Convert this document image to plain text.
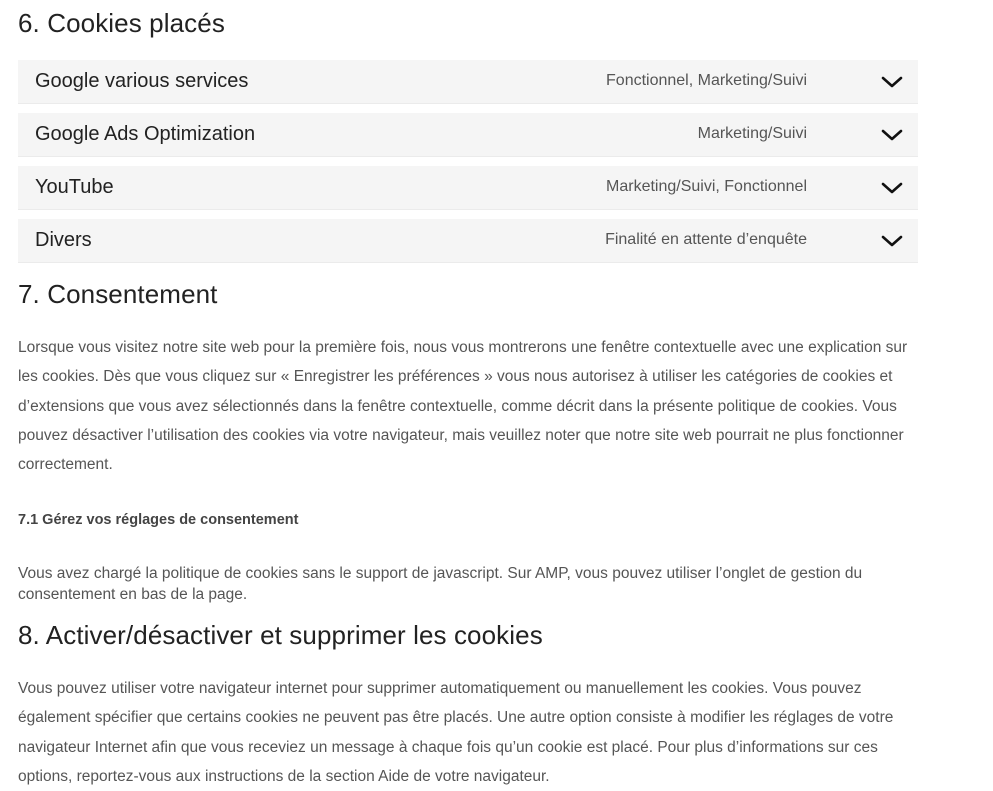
6. Cookies placés
Google various services	Fonctionnel, Marketing/Suivi
Google Ads Optimization	Marketing/Suivi
YouTube	Marketing/Suivi, Fonctionnel
Divers	Finalité en attente d’enquête
7. Consentement

Lorsque vous visitez notre site web pour la première fois, nous vous montrerons une fenêtre contextuelle avec une explication sur les cookies. Dès que vous cliquez sur « Enregistrer les préférences » vous nous autorisez à utiliser les catégories de cookies et d’extensions que vous avez sélectionnés dans la fenêtre contextuelle, comme décrit dans la présente politique de cookies. Vous pouvez désactiver l’utilisation des cookies via votre navigateur, mais veuillez noter que notre site web pourrait ne plus fonctionner correctement.

7.1 Gérez vos réglages de consentement

Vous avez chargé la politique de cookies sans le support de javascript. Sur AMP, vous pouvez utiliser l’onglet de gestion du consentement en bas de la page.

8. Activer/désactiver et supprimer les cookies

Vous pouvez utiliser votre navigateur internet pour supprimer automatiquement ou manuellement les cookies. Vous pouvez également spécifier que certains cookies ne peuvent pas être placés. Une autre option consiste à modifier les réglages de votre navigateur Internet afin que vous receviez un message à chaque fois qu’un cookie est placé. Pour plus d’informations sur ces options, reportez-vous aux instructions de la section Aide de votre navigateur.
